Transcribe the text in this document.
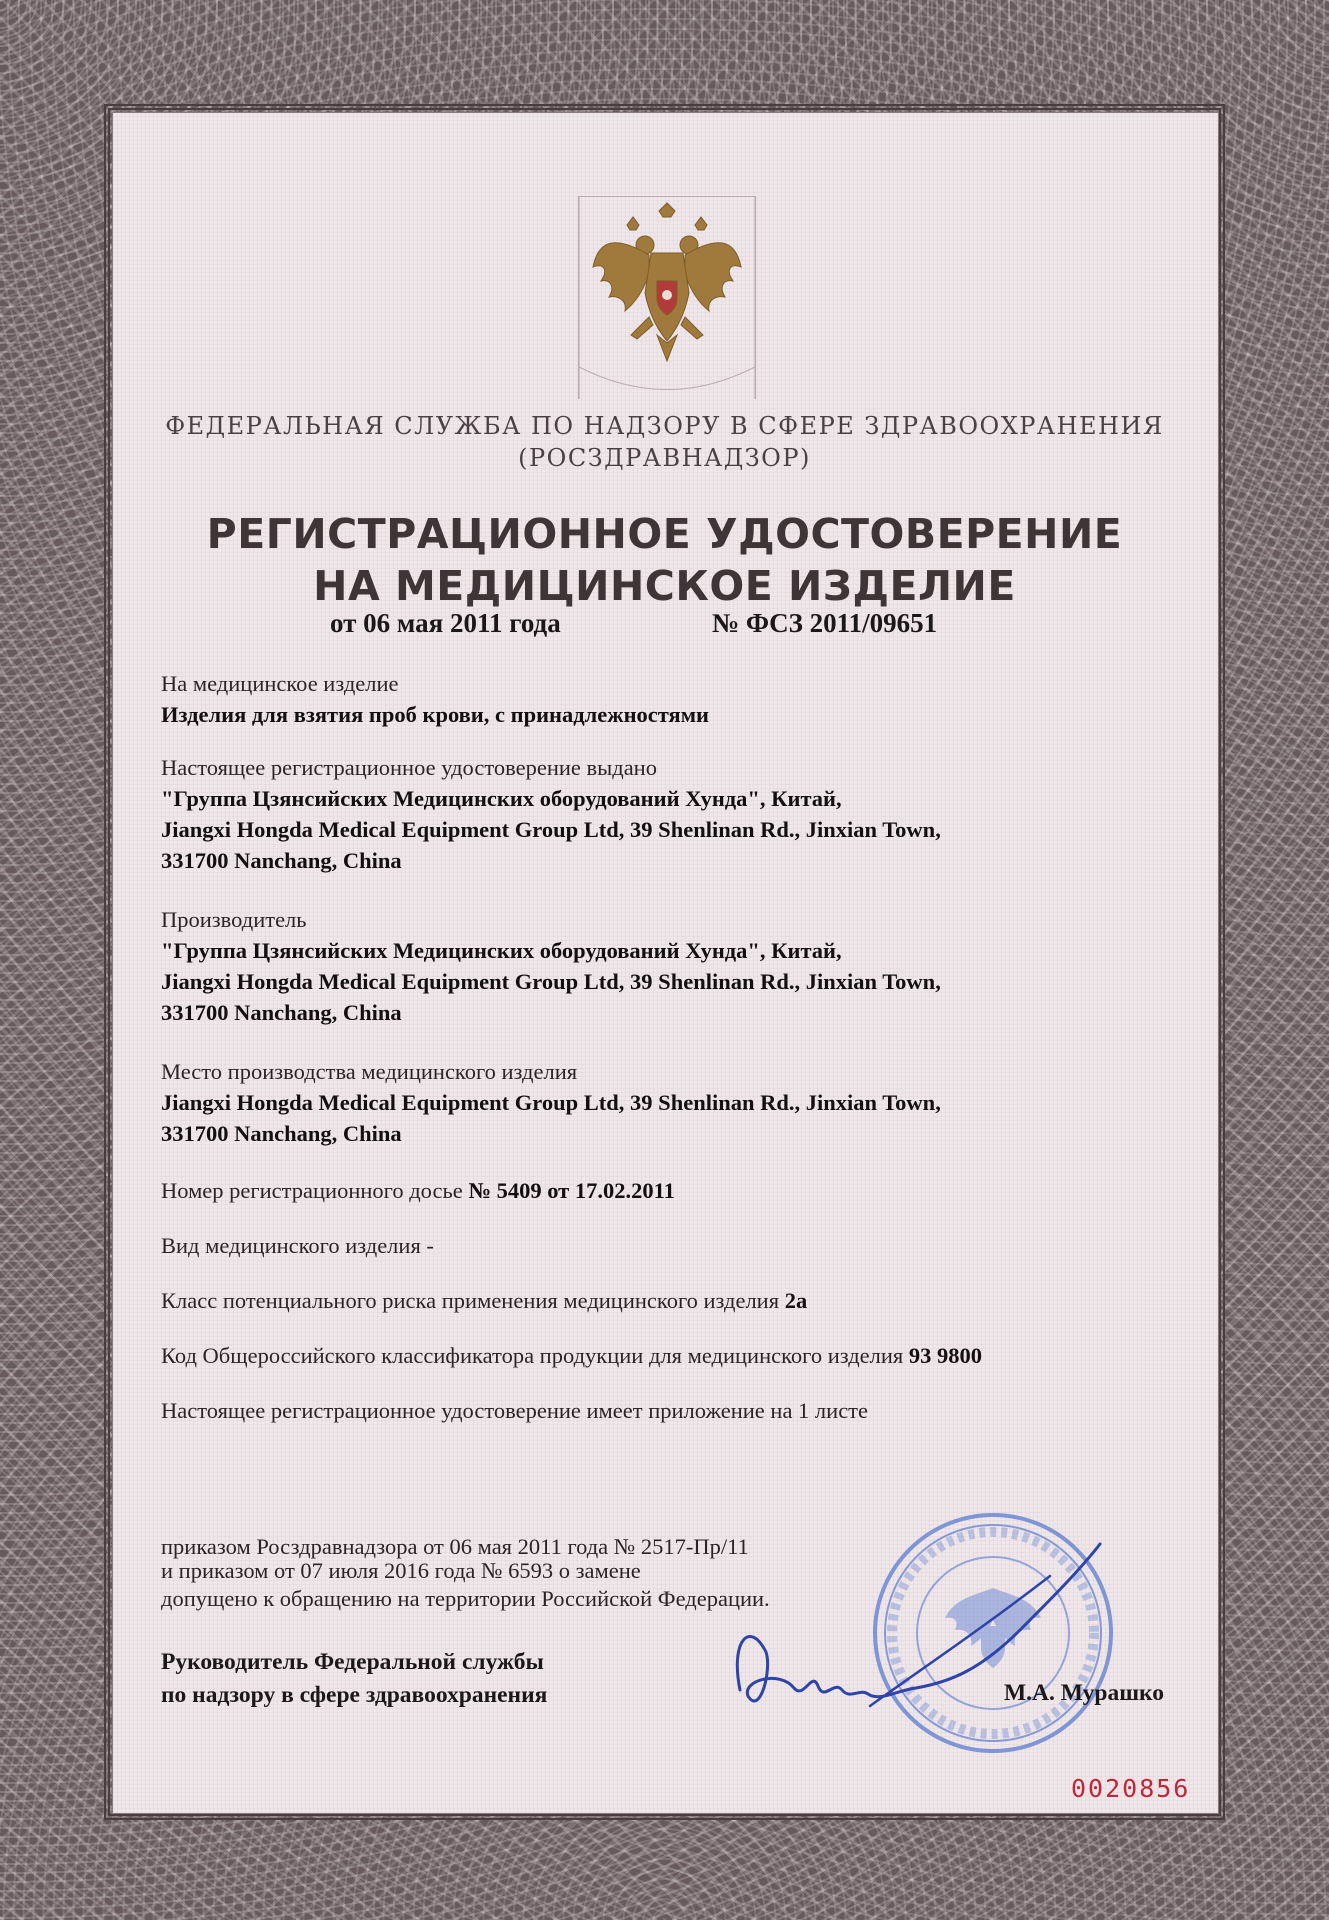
ФЕДЕРАЛЬНАЯ СЛУЖБА ПО НАДЗОРУ В СФЕРЕ ЗДРАВООХРАНЕНИЯ
(РОСЗДРАВНАДЗОР)
РЕГИСТРАЦИОННОЕ УДОСТОВЕРЕНИЕ
НА МЕДИЦИНСКОЕ ИЗДЕЛИЕ
от 06 мая 2011 года	№ ФСЗ 2011/09651
На медицинское изделие
Изделия для взятия проб крови, с принадлежностями
Настоящее регистрационное удостоверение выдано
"Группа Цзянсийских Медицинских оборудований Хунда", Китай,
Jiangxi Hongda Medical Equipment Group Ltd, 39 Shenlinan Rd., Jinxian Town,
331700 Nanchang, China
Производитель
"Группа Цзянсийских Медицинских оборудований Хунда", Китай,
Jiangxi Hongda Medical Equipment Group Ltd, 39 Shenlinan Rd., Jinxian Town,
331700 Nanchang, China
Место производства медицинского изделия
Jiangxi Hongda Medical Equipment Group Ltd, 39 Shenlinan Rd., Jinxian Town,
331700 Nanchang, China
Номер регистрационного досье № 5409 от 17.02.2011
Вид медицинского изделия -
Класс потенциального риска применения медицинского изделия 2а
Код Общероссийского классификатора продукции для медицинского изделия 93 9800
Настоящее регистрационное удостоверение имеет приложение на 1 листе
приказом Росздравнадзора от 06 мая 2011 года № 2517-Пр/11
и приказом от 07 июля 2016 года № 6593 о замене
допущено к обращению на территории Российской Федерации.
Руководитель Федеральной службы
по надзору в сфере здравоохранения	М.А. Мурашко
0020856
